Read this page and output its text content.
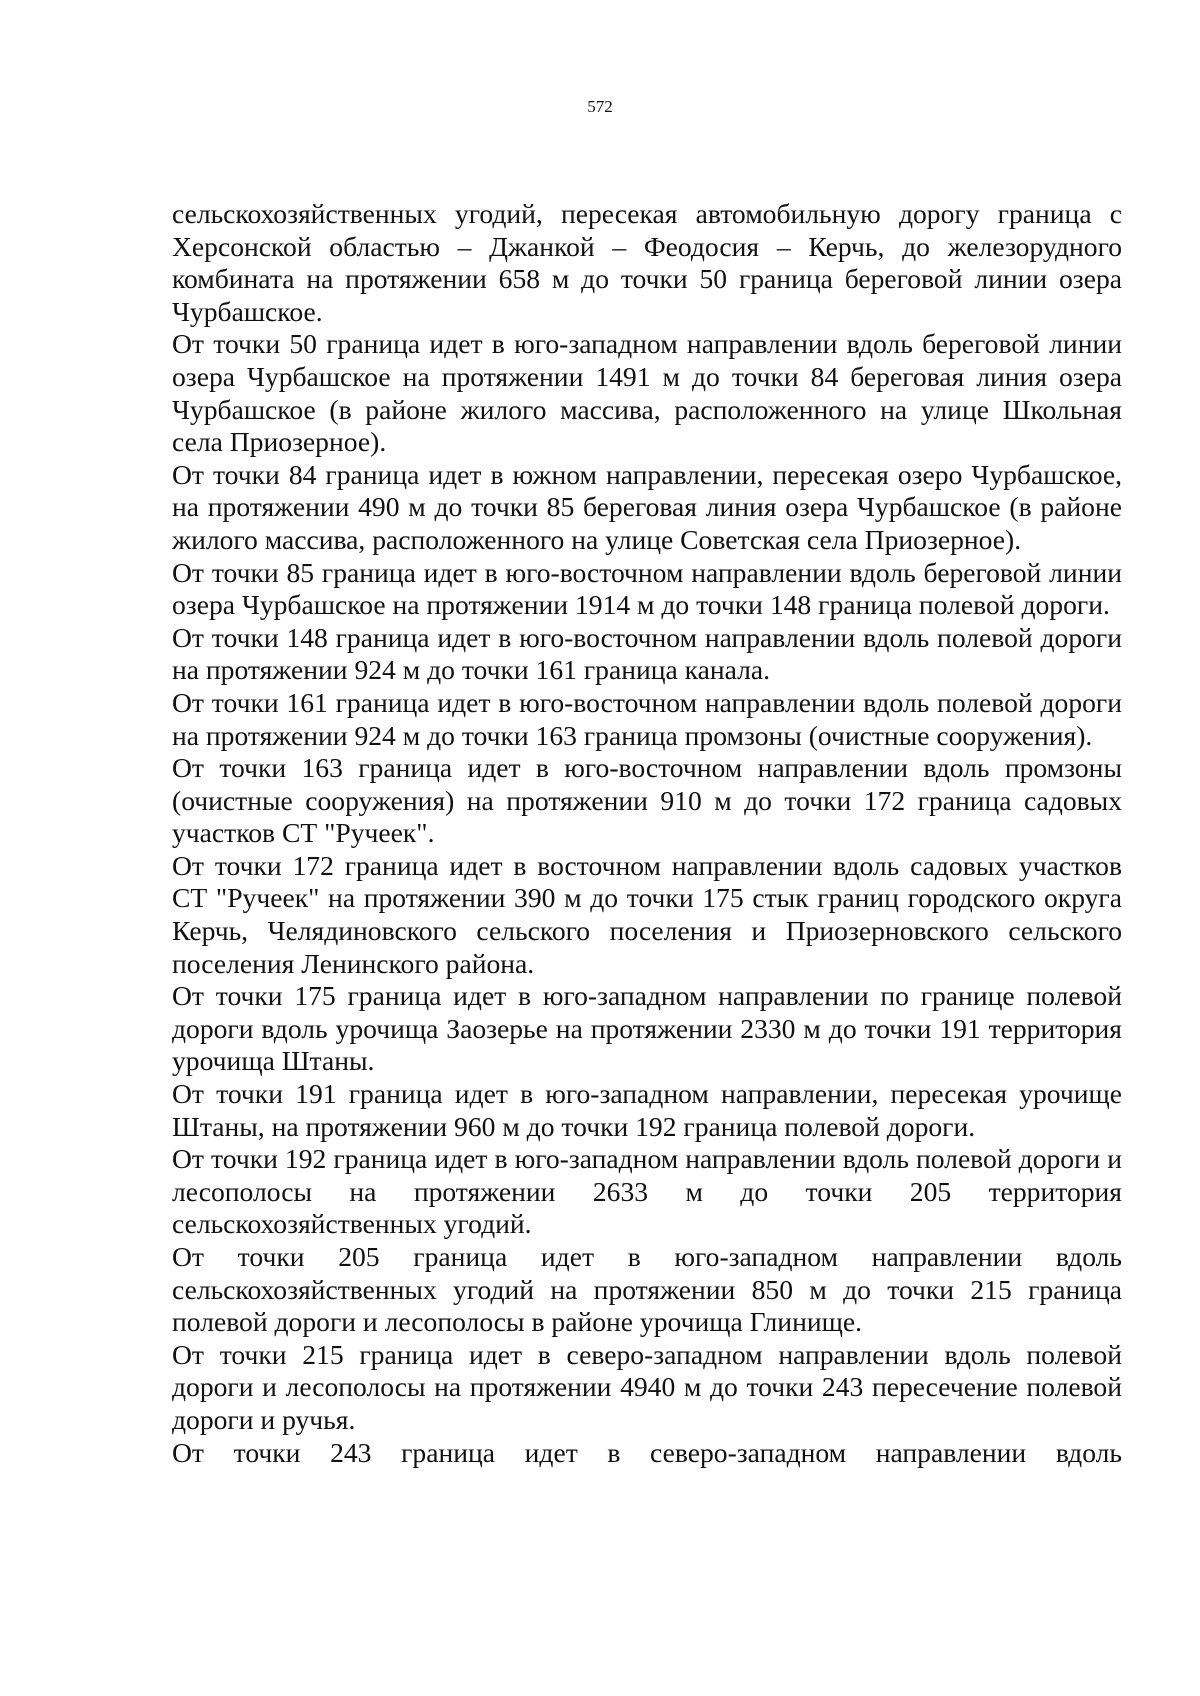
572

сельскохозяйственных угодий, пересекая автомобильную дорогу граница с Херсонской областью – Джанкой – Феодосия – Керчь, до железорудного комбината на протяжении 658 м до точки 50 граница береговой линии озера Чурбашское.

От точки 50 граница идет в юго-западном направлении вдоль береговой линии озера Чурбашское на протяжении 1491 м до точки 84 береговая линия озера Чурбашское (в районе жилого массива, расположенного на улице Школьная села Приозерное).

От точки 84 граница идет в южном направлении, пересекая озеро Чурбашское, на протяжении 490 м до точки 85 береговая линия озера Чурбашское (в районе жилого массива, расположенного на улице Советская села Приозерное).

От точки 85 граница идет в юго-восточном направлении вдоль береговой линии озера Чурбашское на протяжении 1914 м до точки 148 граница полевой дороги.

От точки 148 граница идет в юго-восточном направлении вдоль полевой дороги на протяжении 924 м до точки 161 граница канала.

От точки 161 граница идет в юго-восточном направлении вдоль полевой дороги на протяжении 924 м до точки 163 граница промзоны (очистные сооружения).

От точки 163 граница идет в юго-восточном направлении вдоль промзоны (очистные сооружения) на протяжении 910 м до точки 172 граница садовых участков СТ "Ручеек".

От точки 172 граница идет в восточном направлении вдоль садовых участков СТ "Ручеек" на протяжении 390 м до точки 175 стык границ городского округа Керчь, Челядиновского сельского поселения и Приозерновского сельского поселения Ленинского района.

От точки 175 граница идет в юго-западном направлении по границе полевой дороги вдоль урочища Заозерье на протяжении 2330 м до точки 191 территория урочища Штаны.

От точки 191 граница идет в юго-западном направлении, пересекая урочище Штаны, на протяжении 960 м до точки 192 граница полевой дороги.

От точки 192 граница идет в юго-западном направлении вдоль полевой дороги и лесополосы на протяжении 2633 м до точки 205 территория сельскохозяйственных угодий.

От точки 205 граница идет в юго-западном направлении вдоль сельскохозяйственных угодий на протяжении 850 м до точки 215 граница полевой дороги и лесополосы в районе урочища Глинище.

От точки 215 граница идет в северо-западном направлении вдоль полевой дороги и лесополосы на протяжении 4940 м до точки 243 пересечение полевой дороги и ручья.

От точки 243 граница идет в северо-западном направлении вдоль
